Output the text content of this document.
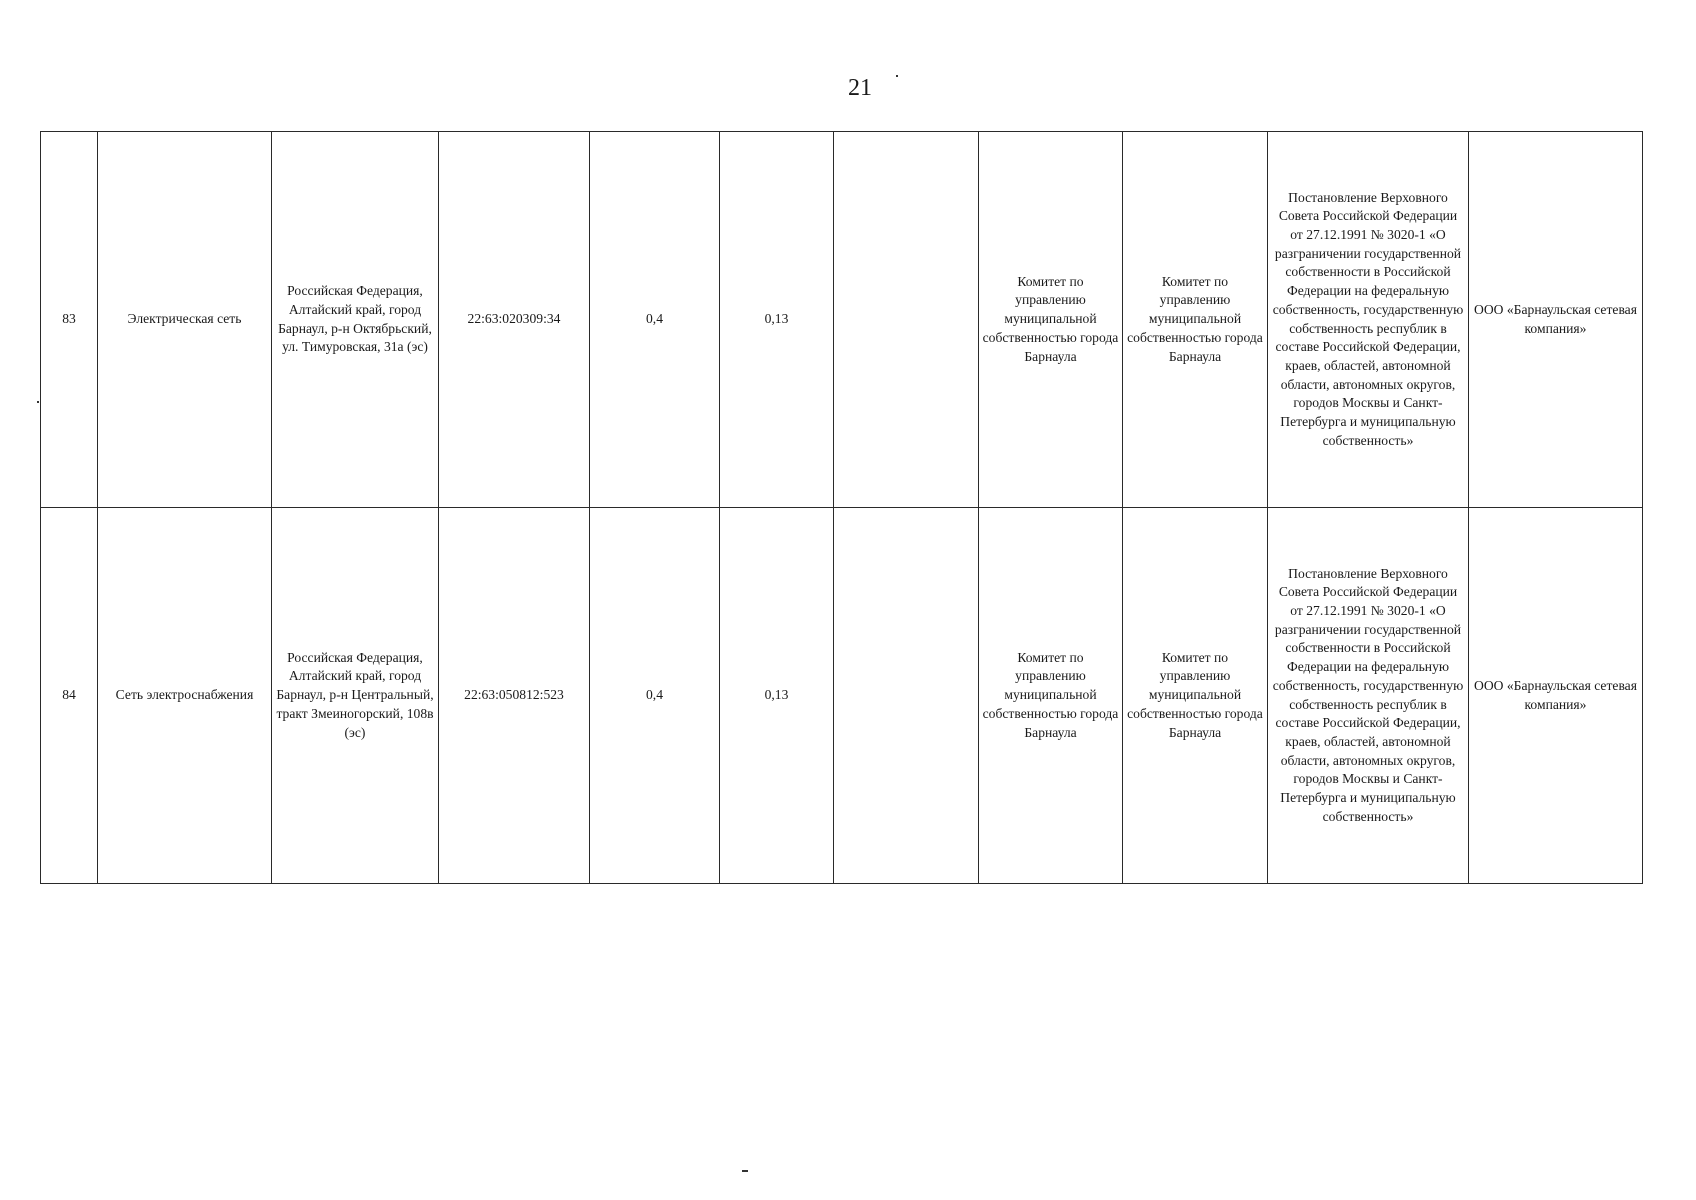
21
83	Электрическая сеть	Российская Федерация, Алтайский край, город Барнаул, р-н Октябрьский, ул. Тимуровская, 31а (эс)	22:63:020309:34	0,4	0,13		Комитет по управлению муниципальной собственностью города Барнаула	Комитет по управлению муниципальной собственностью города Барнаула	Постановление Верховного Совета Российской Федерации от 27.12.1991 № 3020-1 «О разграничении государственной собственности в Российской Федерации на федеральную собственность, государственную собственность республик в составе Российской Федерации, краев, областей, автономной области, автономных округов, городов Москвы и Санкт-Петербурга и муниципальную собственность»	ООО «Барнаульская сетевая компания»
84	Сеть электроснабжения	Российская Федерация, Алтайский край, город Барнаул, р-н Центральный, тракт Змеиногорский, 108в (эс)	22:63:050812:523	0,4	0,13		Комитет по управлению муниципальной собственностью города Барнаула	Комитет по управлению муниципальной собственностью города Барнаула	Постановление Верховного Совета Российской Федерации от 27.12.1991 № 3020-1 «О разграничении государственной собственности в Российской Федерации на федеральную собственность, государственную собственность республик в составе Российской Федерации, краев, областей, автономной области, автономных округов, городов Москвы и Санкт-Петербурга и муниципальную собственность»	ООО «Барнаульская сетевая компания»
